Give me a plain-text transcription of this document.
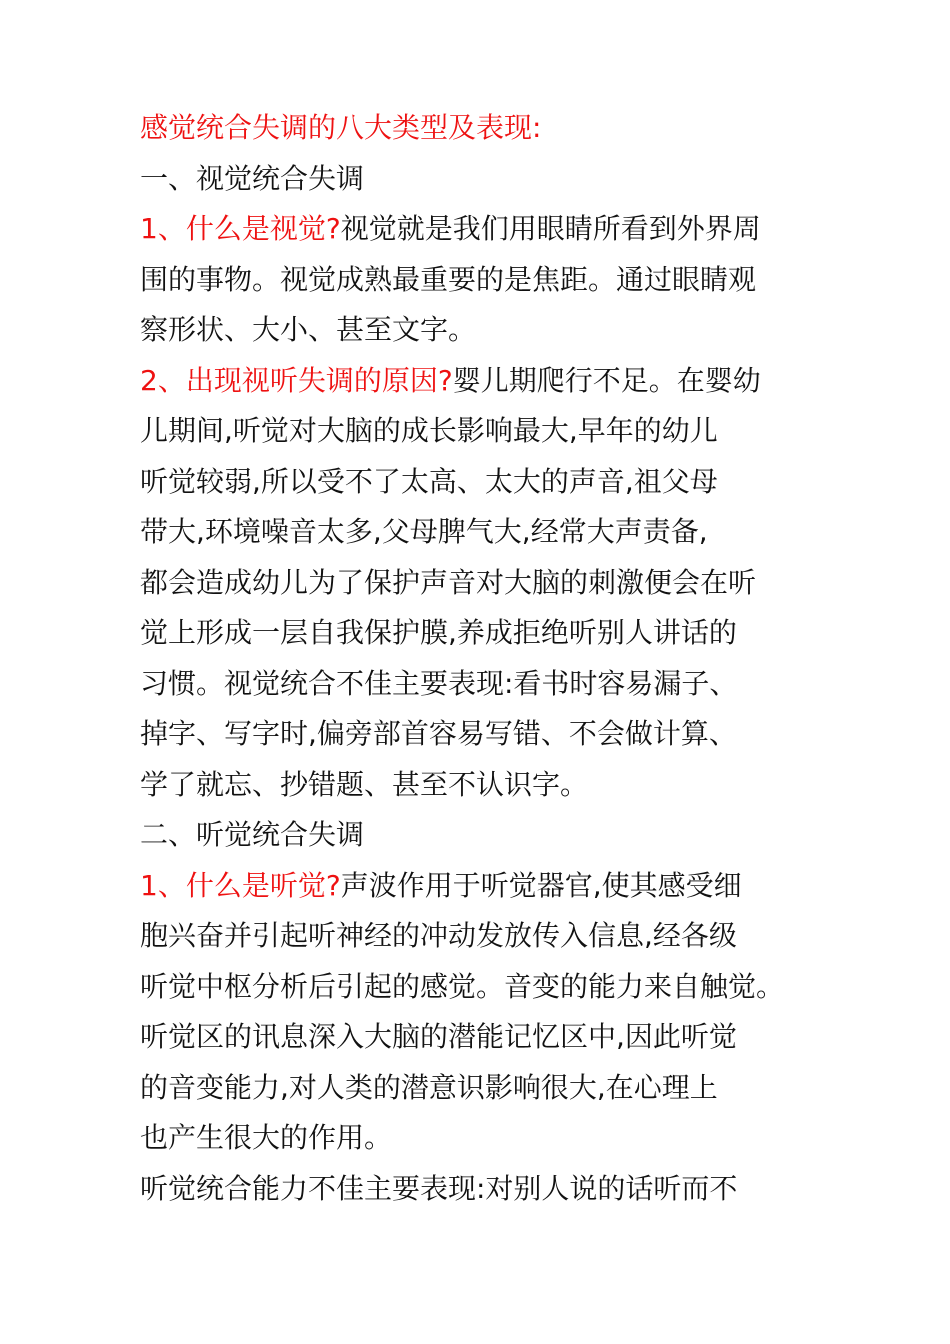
感觉统合失调的八大类型及表现:
一、视觉统合失调
1、什么是视觉?视觉就是我们用眼睛所看到外界周
围的事物。视觉成熟最重要的是焦距。通过眼睛观
察形状、大小、甚至文字。
2、出现视听失调的原因?婴儿期爬行不足。在婴幼
儿期间,听觉对大脑的成长影响最大,早年的幼儿
听觉较弱,所以受不了太高、太大的声音,祖父母
带大,环境噪音太多,父母脾气大,经常大声责备,
都会造成幼儿为了保护声音对大脑的刺激便会在听
觉上形成一层自我保护膜,养成拒绝听别人讲话的
习惯。视觉统合不佳主要表现:看书时容易漏子、
掉字、写字时,偏旁部首容易写错、不会做计算、
学了就忘、抄错题、甚至不认识字。
二、听觉统合失调
1、什么是听觉?声波作用于听觉器官,使其感受细
胞兴奋并引起听神经的冲动发放传入信息,经各级
听觉中枢分析后引起的感觉。音变的能力来自触觉。
听觉区的讯息深入大脑的潜能记忆区中,因此听觉
的音变能力,对人类的潜意识影响很大,在心理上
也产生很大的作用。
听觉统合能力不佳主要表现:对别人说的话听而不
